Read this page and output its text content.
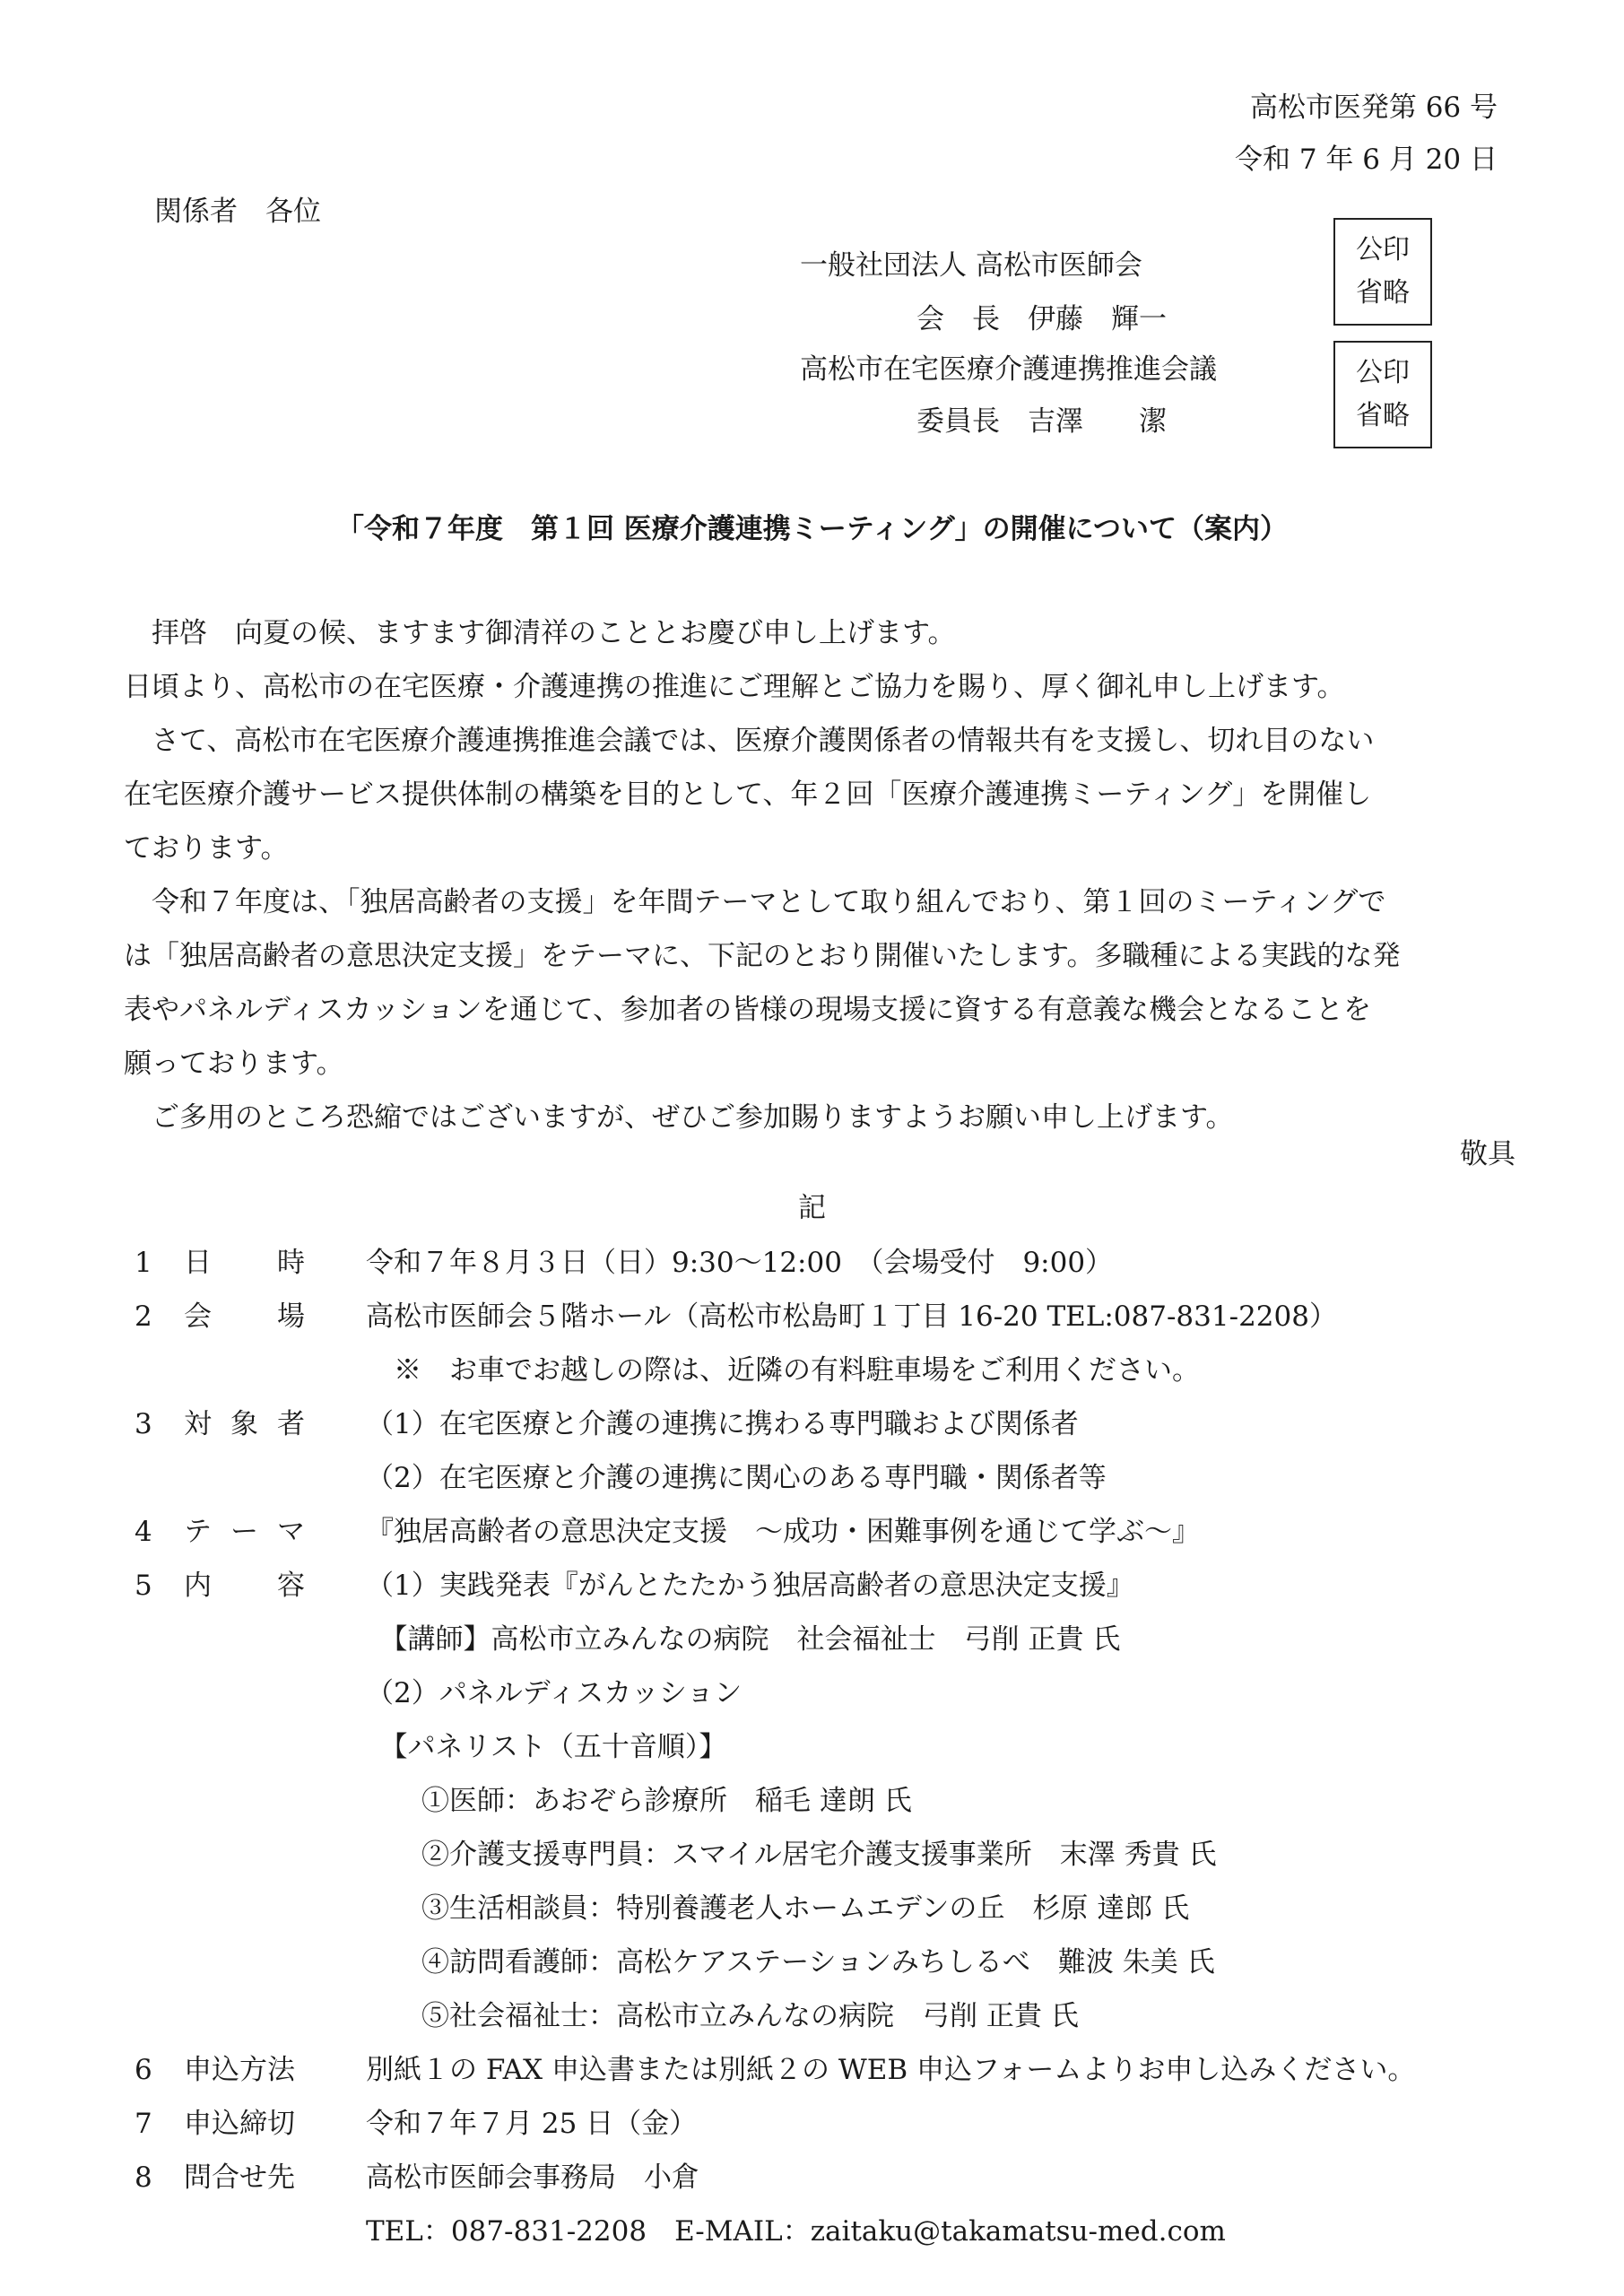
高松市医発第 66 号
令和 7 年 6 月 20 日
関係者　各位
一般社団法人 高松市医師会
会　長　伊藤　輝一
高松市在宅医療介護連携推進会議
委員長　吉澤　　潔
公印
省略
公印
省略
「令和７年度　第１回 医療介護連携ミーティング」の開催について（案内）

　拝啓　向夏の候、ますます御清祥のこととお慶び申し上げます。

日頃より、高松市の在宅医療・介護連携の推進にご理解とご協力を賜り、厚く御礼申し上げます。

　さて、高松市在宅医療介護連携推進会議では、医療介護関係者の情報共有を支援し、切れ目のない

在宅医療介護サービス提供体制の構築を目的として、年２回「医療介護連携ミーティング」を開催し

ております。

　令和７年度は、「独居高齢者の支援」を年間テーマとして取り組んでおり、第１回のミーティングで

は「独居高齢者の意思決定支援」をテーマに、下記のとおり開催いたします。多職種による実践的な発

表やパネルディスカッションを通じて、参加者の皆様の現場支援に資する有意義な機会となることを

願っております。

　ご多用のところ恐縮ではございますが、ぜひご参加賜りますようお願い申し上げます。

敬具
記
1	日 時 令和７年８月３日（日）9:30～12:00　（会場受付　9:00）
2	会 場 高松市医師会５階ホール（高松市松島町１丁目 16-20 TEL:087-831-2208）
　※　お車でお越しの際は、近隣の有料駐車場をご利用ください。
3	対 象 者 （1）在宅医療と介護の連携に携わる専門職および関係者
（2）在宅医療と介護の連携に関心のある専門職・関係者等
4	テ ー マ 『独居高齢者の意思決定支援　～成功・困難事例を通じて学ぶ～』
5	内 容 （1）実践発表『がんとたたかう独居高齢者の意思決定支援』
　【講師】高松市立みんなの病院　社会福祉士　弓削 正貴 氏
（2）パネルディスカッション
　【パネリスト（五十音順）】
　　①医師：あおぞら診療所　稲毛 達朗 氏
　　②介護支援専門員：スマイル居宅介護支援事業所　末澤 秀貴 氏
　　③生活相談員：特別養護老人ホームエデンの丘　杉原 達郎 氏
　　④訪問看護師：高松ケアステーションみちしるべ　難波 朱美 氏
　　⑤社会福祉士：高松市立みんなの病院　弓削 正貴 氏
6	申込方法	別紙１の FAX 申込書または別紙２の WEB 申込フォームよりお申し込みください。
7	申込締切	令和７年７月 25 日（金）
8	問合せ先	高松市医師会事務局　小倉
TEL：087-831-2208　E-MAIL：zaitaku@takamatsu-med.com
